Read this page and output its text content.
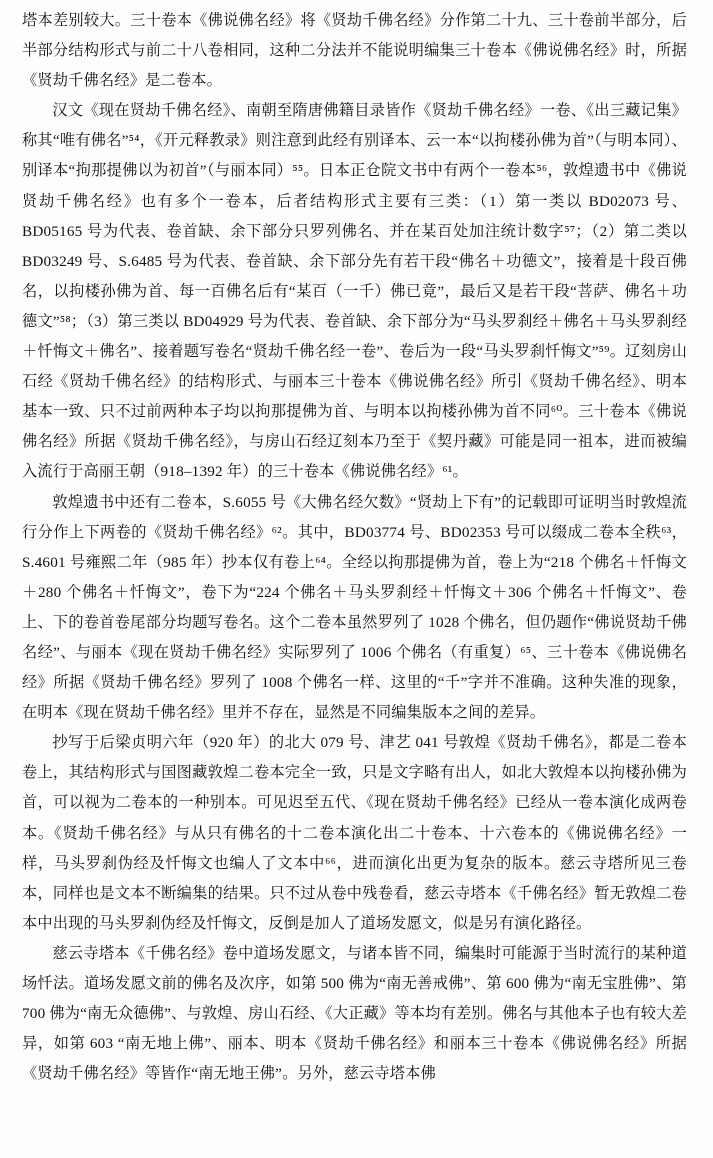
塔本差别较大。三十卷本《佛说佛名经》将《贤劫千佛名经》分作第二十九、三十卷前半部分，后半部分结构形式与前二十八卷相同，这种二分法并不能说明编集三十卷本《佛说佛名经》时，所据《贤劫千佛名经》是二卷本。

汉文《现在贤劫千佛名经》、南朝至隋唐佛籍目录皆作《贤劫千佛名经》一卷、《出三藏记集》称其“唯有佛名”⁵⁴，《开元释教录》则注意到此经有别译本、云一本“以拘楼孙佛为首”（与明本同）、别译本“拘那提佛以为初首”（与丽本同）⁵⁵。日本正仓院文书中有两个一卷本⁵⁶，敦煌遗书中《佛说贤劫千佛名经》也有多个一卷本，后者结构形式主要有三类：（1）第一类以 BD02073 号、BD05165 号为代表、卷首缺、余下部分只罗列佛名、并在某百处加注统计数字⁵⁷；（2）第二类以 BD03249 号、S.6485 号为代表、卷首缺、余下部分先有若干段“佛名＋功德文”，接着是十段百佛名，以拘楼孙佛为首、每一百佛名后有“某百（一千）佛已竟”，最后又是若干段“菩萨、佛名＋功德文”⁵⁸；（3）第三类以 BD04929 号为代表、卷首缺、余下部分为“马头罗刹经＋佛名＋马头罗刹经＋忏悔文＋佛名”、接着题写卷名“贤劫千佛名经一卷”、卷后为一段“马头罗刹忏悔文”⁵⁹。辽刻房山石经《贤劫千佛名经》的结构形式、与丽本三十卷本《佛说佛名经》所引《贤劫千佛名经》、明本基本一致、只不过前两种本子均以拘那提佛为首、与明本以拘楼孙佛为首不同⁶⁰。三十卷本《佛说佛名经》所据《贤劫千佛名经》，与房山石经辽刻本乃至于《契丹藏》可能是同一祖本，进而被编入流行于高丽王朝（918–1392 年）的三十卷本《佛说佛名经》⁶¹。

敦煌遗书中还有二卷本，S.6055 号《大佛名经欠数》“贤劫上下有”的记载即可证明当时敦煌流行分作上下两卷的《贤劫千佛名经》⁶²。其中，BD03774 号、BD02353 号可以缀成二卷本全秩⁶³，S.4601 号雍熙二年（985 年）抄本仅有卷上⁶⁴。全经以拘那提佛为首，卷上为“218 个佛名＋忏悔文＋280 个佛名＋忏悔文”，卷下为“224 个佛名＋马头罗刹经＋忏悔文＋306 个佛名＋忏悔文”、卷上、下的卷首卷尾部分均题写卷名。这个二卷本虽然罗列了 1028 个佛名，但仍题作“佛说贤劫千佛名经”、与丽本《现在贤劫千佛名经》实际罗列了 1006 个佛名（有重复）⁶⁵、三十卷本《佛说佛名经》所据《贤劫千佛名经》罗列了 1008 个佛名一样、这里的“千”字并不准确。这种失准的现象，在明本《现在贤劫千佛名经》里并不存在，显然是不同编集版本之间的差异。

抄写于后梁贞明六年（920 年）的北大 079 号、津艺 041 号敦煌《贤劫千佛名》，都是二卷本卷上，其结构形式与国图藏敦煌二卷本完全一致，只是文字略有出人，如北大敦煌本以拘楼孙佛为首，可以视为二卷本的一种别本。可见迟至五代、《现在贤劫千佛名经》已经从一卷本演化成两卷本。《贤劫千佛名经》与从只有佛名的十二卷本演化出二十卷本、十六卷本的《佛说佛名经》一样，马头罗刹伪经及忏悔文也编人了文本中⁶⁶，进而演化出更为复杂的版本。慈云寺塔所见三卷本，同样也是文本不断编集的结果。只不过从卷中残卷看，慈云寺塔本《千佛名经》暂无敦煌二卷本中出现的马头罗刹伪经及忏悔文，反倒是加人了道场发愿文，似是另有演化路径。

慈云寺塔本《千佛名经》卷中道场发愿文，与诸本皆不同，编集时可能源于当时流行的某种道场忏法。道场发愿文前的佛名及次序，如第 500 佛为“南无善戒佛”、第 600 佛为“南无宝胜佛”、第 700 佛为“南无众德佛”、与敦煌、房山石经、《大正藏》等本均有差别。佛名与其他本子也有较大差异，如第 603 “南无地上佛”、丽本、明本《贤劫千佛名经》和丽本三十卷本《佛说佛名经》所据《贤劫千佛名经》等皆作“南无地王佛”。另外，慈云寺塔本佛
